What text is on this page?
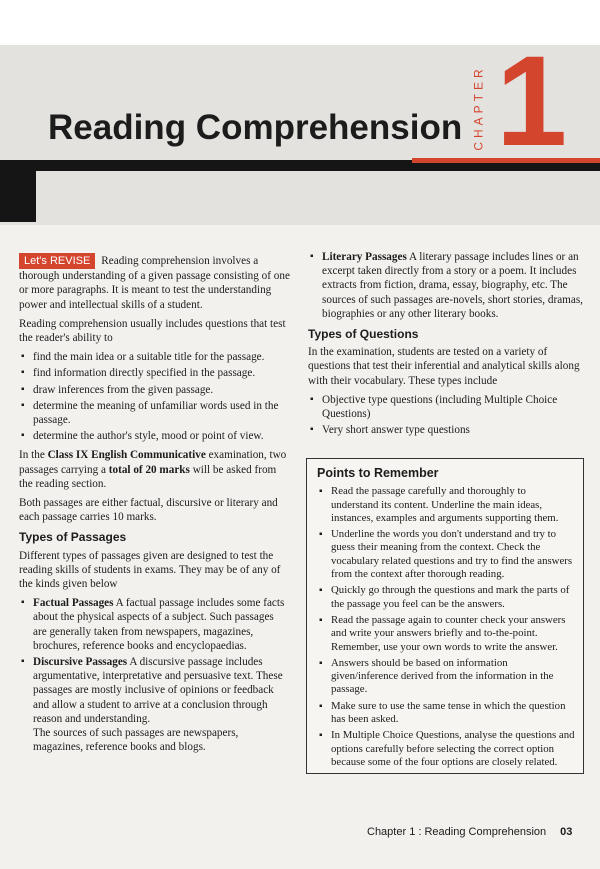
Reading Comprehension CHAPTER 1

Let's REVISE Reading comprehension involves a thorough understanding of a given passage consisting of one or more paragraphs. It is meant to test the understanding power and intellectual skills of a student.

Reading comprehension usually includes questions that test the reader's ability to

▪ find the main idea or a suitable title for the passage.
▪ find information directly specified in the passage.
▪ draw inferences from the given passage.
▪ determine the meaning of unfamiliar words used in the passage.
▪ determine the author's style, mood or point of view.

In the Class IX English Communicative examination, two passages carrying a total of 20 marks will be asked from the reading section.

Both passages are either factual, discursive or literary and each passage carries 10 marks.

Types of Passages

Different types of passages given are designed to test the reading skills of students in exams. They may be of any of the kinds given below

▪ Factual Passages A factual passage includes some facts about the physical aspects of a subject. Such passages are generally taken from newspapers, magazines, brochures, reference books and encyclopaedias.
▪ Discursive Passages A discursive passage includes argumentative, interpretative and persuasive text. These passages are mostly inclusive of opinions or feedback and allow a student to arrive at a conclusion through reason and understanding.
The sources of such passages are newspapers, magazines, reference books and blogs.
▪ Literary Passages A literary passage includes lines or an excerpt taken directly from a story or a poem. It includes extracts from fiction, drama, essay, biography, etc. The sources of such passages are-novels, short stories, dramas, biographies or any other literary books.
Types of Questions

In the examination, students are tested on a variety of questions that test their inferential and analytical skills along with their vocabulary. These types include

▪ Objective type questions (including Multiple Choice Questions)
▪ Very short answer type questions
Points to Remember
▪ Read the passage carefully and thoroughly to understand its content. Underline the main ideas, instances, examples and arguments supporting them.
▪ Underline the words you don't understand and try to guess their meaning from the context. Check the vocabulary related questions and try to find the answers from the context after thorough reading.
▪ Quickly go through the questions and mark the parts of the passage you feel can be the answers.
▪ Read the passage again to counter check your answers and write your answers briefly and to-the-point. Remember, use your own words to write the answer.
▪ Answers should be based on information given/inference derived from the information in the passage.
▪ Make sure to use the same tense in which the question has been asked.
▪ In Multiple Choice Questions, analyse the questions and options carefully before selecting the correct option because some of the four options are closely related.
Chapter 1 : Reading Comprehension 03
